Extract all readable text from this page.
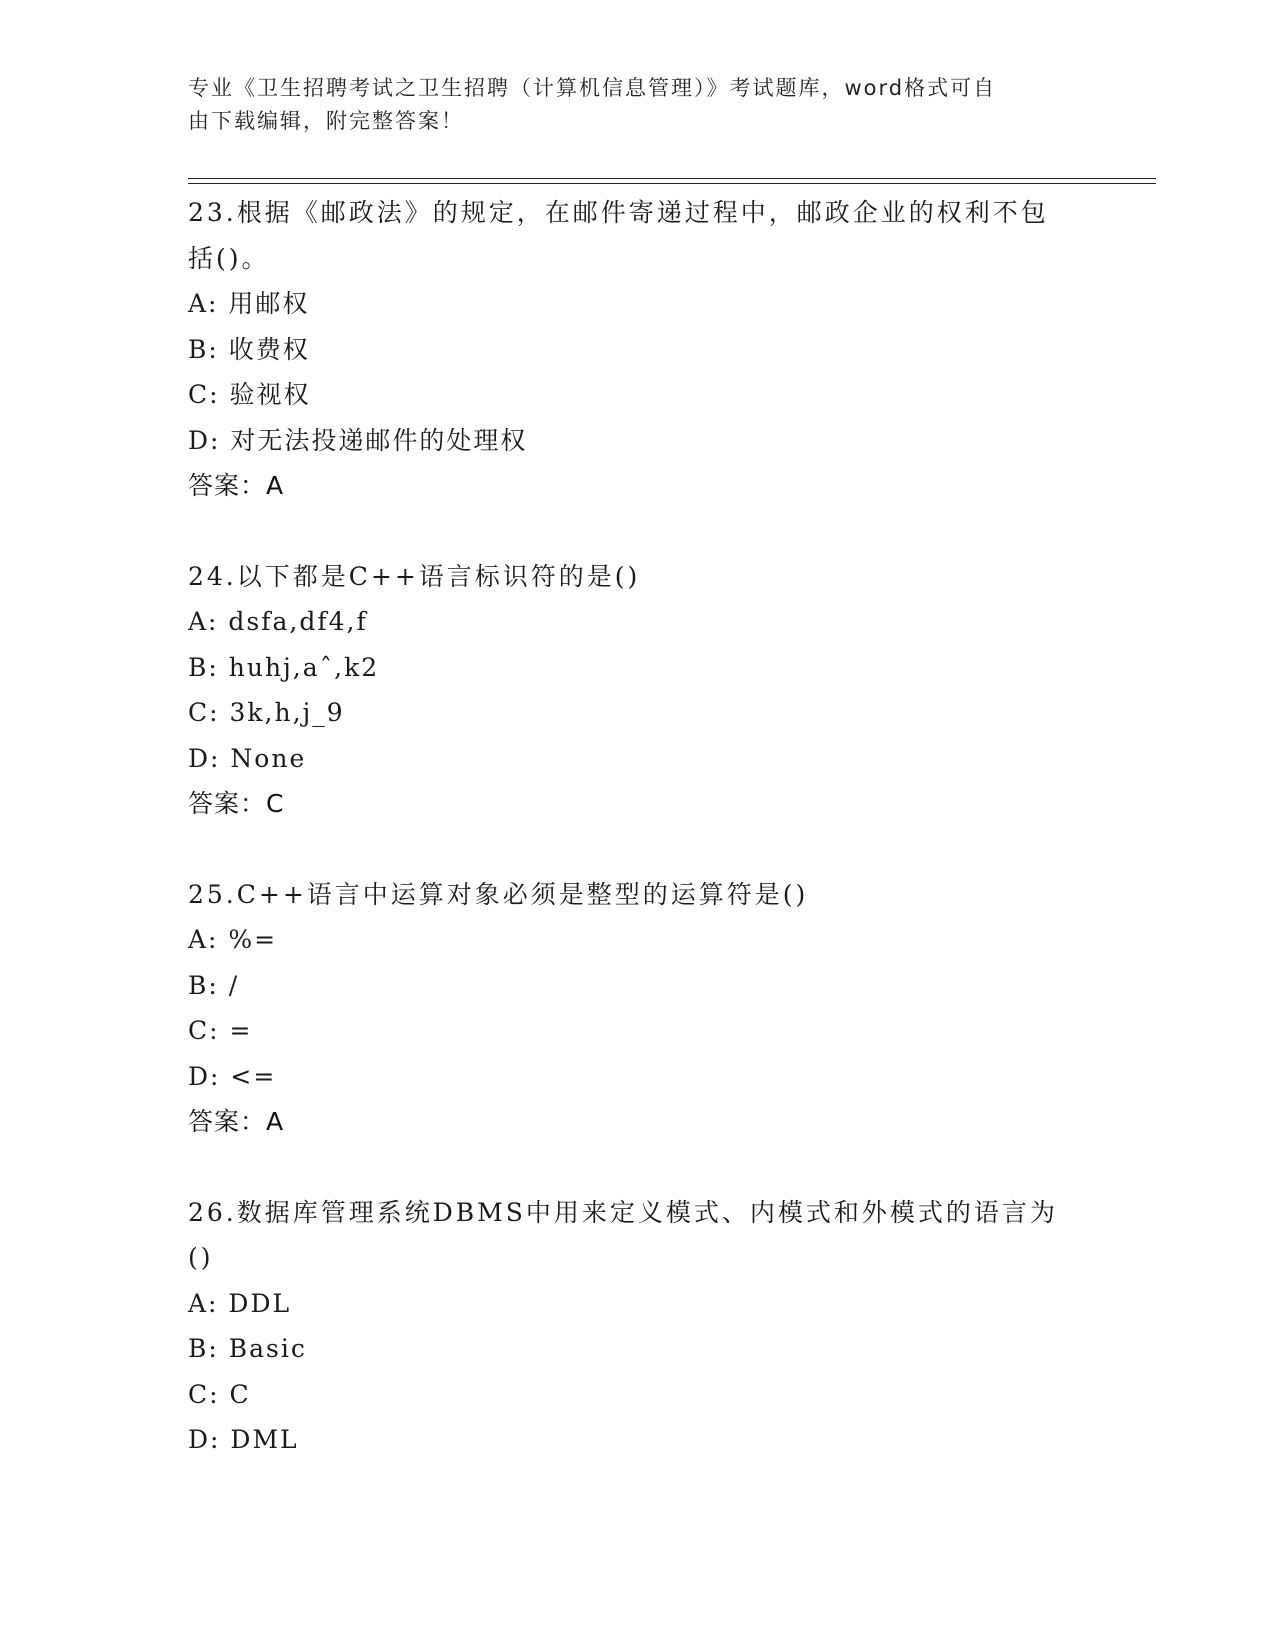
专业《卫生招聘考试之卫生招聘（计算机信息管理）》考试题库，word格式可自
由下载编辑，附完整答案！
23.根据《邮政法》的规定，在邮件寄递过程中，邮政企业的权利不包
括()。
A: 用邮权
B: 收费权
C: 验视权
D: 对无法投递邮件的处理权
答案：A
24.以下都是C++语言标识符的是()
A: dsfa,df4,f
B: huhj,aˆ,k2
C: 3k,h,j_9
D: None
答案：C
25.C++语言中运算对象必须是整型的运算符是()
A: %=
B: /
C: =
D: <=
答案：A
26.数据库管理系统DBMS中用来定义模式、内模式和外模式的语言为
()
A: DDL
B: Basic
C: C
D: DML
